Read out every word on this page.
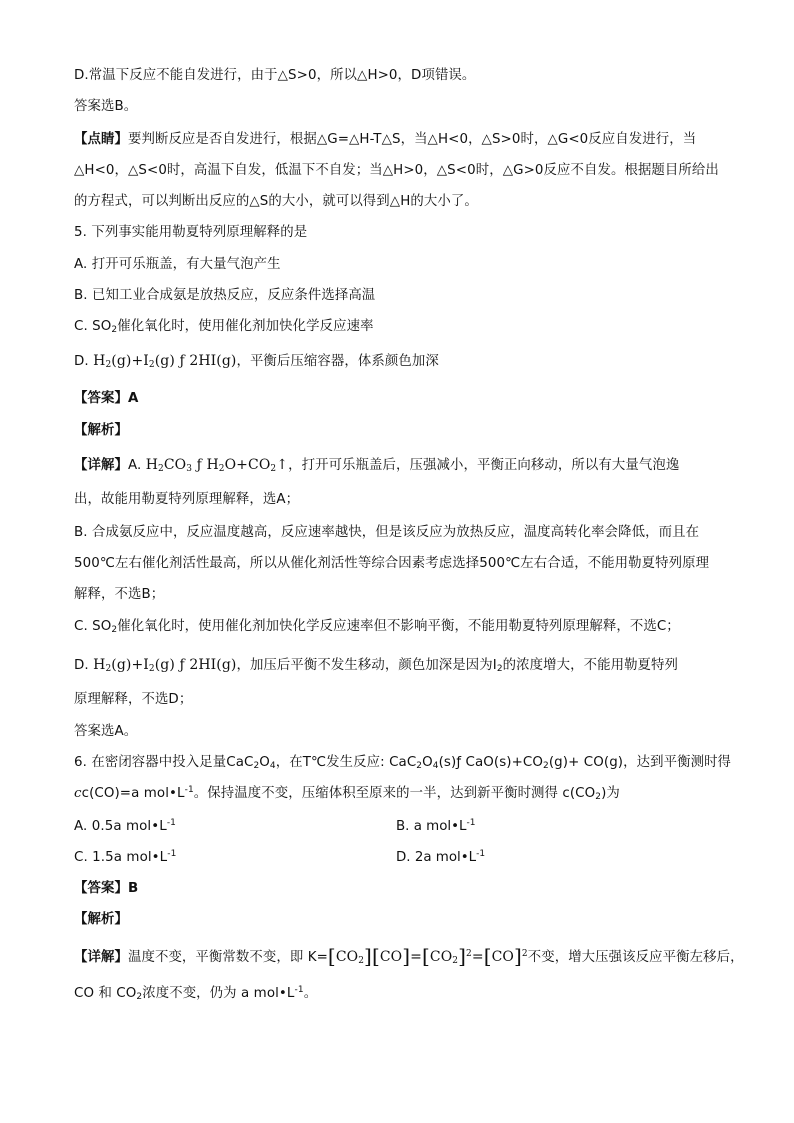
D.常温下反应不能自发进行，由于△S>0，所以△H>0，D项错误。
答案选B。
【点睛】要判断反应是否自发进行，根据△G=△H-T△S，当△H<0，△S>0时，△G<0反应自发进行，当
△H<0，△S<0时，高温下自发，低温下不自发；当△H>0，△S<0时，△G>0反应不自发。根据题目所给出
的方程式，可以判断出反应的△S的大小，就可以得到△H的大小了。
5. 下列事实能用勒夏特列原理解释的是
A. 打开可乐瓶盖，有大量气泡产生
B. 已知工业合成氨是放热反应，反应条件选择高温
C. $SO_2$催化氧化时，使用催化剂加快化学反应速率
D. $H_2(g)+I_2(g)$ ƒ 2HI(g)，平衡后压缩容器，体系颜色加深
【答案】A
【解析】
【详解】A. $H_2CO_3$ ƒ $H_2O+CO_2↑$，打开可乐瓶盖后，压强减小，平衡正向移动，所以有大量气泡逸
出，故能用勒夏特列原理解释，选A；
B. 合成氨反应中，反应温度越高，反应速率越快，但是该反应为放热反应，温度高转化率会降低，而且在
500℃左右催化剂活性最高，所以从催化剂活性等综合因素考虑选择500℃左右合适，不能用勒夏特列原理
解释，不选B；
C. $SO_2$催化氧化时，使用催化剂加快化学反应速率但不影响平衡，不能用勒夏特列原理解释，不选C；
D. $H_2(g)+I_2(g)$ ƒ 2HI(g)，加压后平衡不发生移动，颜色加深是因为$I_2$的浓度增大，不能用勒夏特列
原理解释，不选D；
答案选A。
6. 在密闭容器中投入足量$CaC_2O_4$，在T℃发生反应: $CaC_2O_4(s)ƒ$ $CaO(s)+CO_2(g)+ CO(g)$，达到平衡测时得
cc(CO)=a $mol•L^{-1}$。保持温度不变，压缩体积至原来的一半，达到新平衡时测得 $c(CO_2)$为
A. 0.5a $mol•L^{-1}$	B. a $mol•L^{-1}$
C. 1.5a $mol•L^{-1}$	D. 2a $mol•L^{-1}$
【答案】B
【解析】
【详解】温度不变，平衡常数不变，即 $K=[CO_2][CO]=[CO_2]^2=[CO]^2$不变，增大压强该反应平衡左移后，
CO 和 $CO_2$浓度不变，仍为 a $mol•L^{-1}$。
